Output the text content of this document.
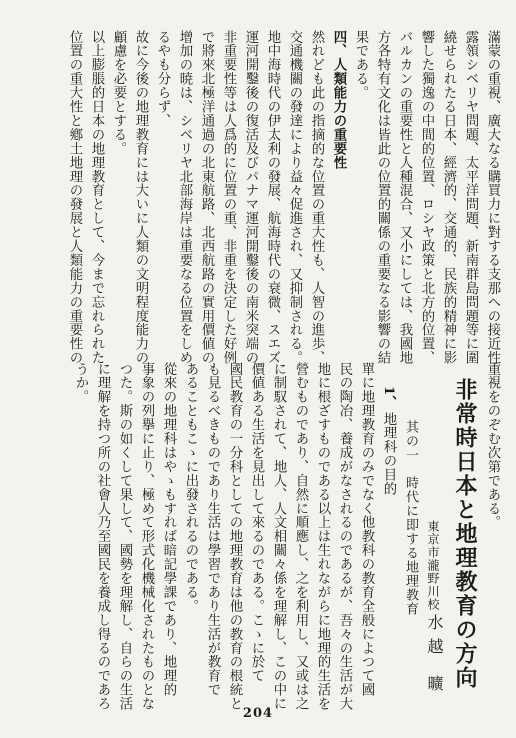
滿蒙の重視、廣大なる購買力に對する支那への接近性
露領シベリヤ問題、太平洋問題、新南群島問題等に圍
繞せられたる日本、經濟的、交通的、民族的精神に影
響した獨逸の中間的位置、ロシヤ政策と北方的位置、
バルカンの重要性と人種混合、又小にしては、我國地
方各特有文化は皆此の位置的關係の重要なる影響の結
果である。
四、人類能力の重要性
然れども此の指摘的な位置の重大性も、人智の進歩、
交通機關の發達により益々促進され、又抑制される。
地中海時代の伊太利の發展、航海時代の衰微、スエズ
運河開鑿後の復活及びパナマ運河開鑿後の南米突端の
非重要性等は人爲的に位置の重、非重を決定した好例
で將來北極洋通過の北東航路、北西航路の實用價値の
增加の暁は、シベリヤ北部海岸は重要なる位置をしめ
るやも分らず、
故に今後の地理教育には大いに人類の文明程度能力の
顧慮を必要とする。
以上膨脹的日本の地理教育として、今まで忘れられた
位置の重大性と鄕土地理の發展と人類能力の重要性の
重視をのぞむ次第である。
非常時日本と地理教育の方向
東京市瀧野川校
水越 曠
其の一　時代に即する地理教育
1、
地理科の目的
單に地理教育のみでなく他教科の教育全般によつて國
民の陶冶、養成がなされるのであるが、吾々の生活が大
地に根ざすものである以上は生れながらに地理的生活を
營むものであり、自然に順應し、之を利用し、又或は之
に制馭されて、地人、人文相關々係を理解し、この中に
價値ある生活を見出して來るのである。こゝに於て
國民教育の一分科としての地理教育は他の教育の根統と
も見るべきものであり生活は學習であり生活が教育で
あることもこゝに出發されるのである。
從來の地理科はやゝもすれば暗記學課であり、地理的
事象の列擧に止り、極めて形式化機械化されたものとな
つた。斯の如くして果して、國勢を理解し、自らの生活
に理解を持つ所の社會人乃至國民を養成し得るのであろ
うか。
204
